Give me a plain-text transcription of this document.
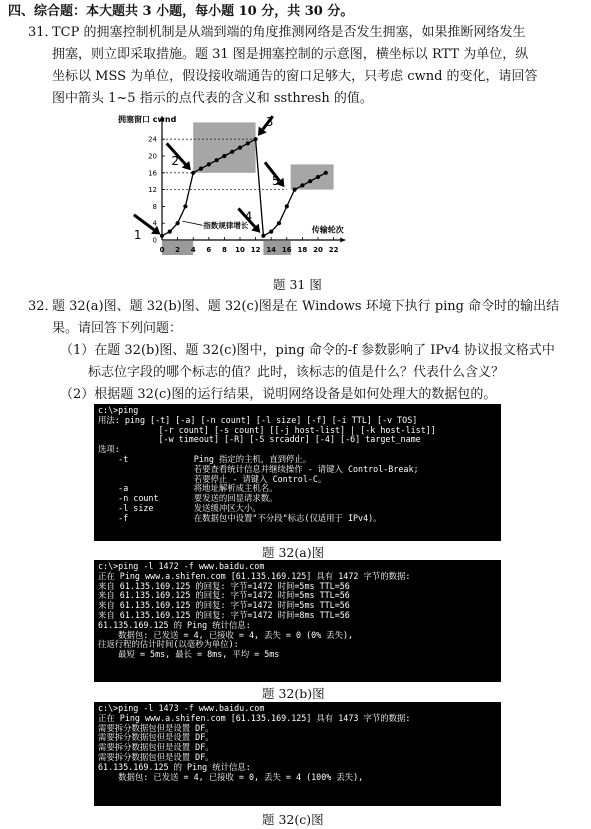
四、综合题：本大题共 3 小题，每小题 10 分，共 30 分。
31．
TCP 的拥塞控制机制是从端到端的角度推测网络是否发生拥塞，如果推断网络发生
拥塞，则立即采取措施。题 31 图是拥塞控制的示意图，横坐标以 RTT 为单位，纵
坐标以 MSS 为单位，假设接收端通告的窗口足够大，只考虑 cwnd 的变化，请回答
图中箭头 1~5 指示的点代表的含义和 ssthresh 的值。
0 2 4 6 8 10 12 14 16 18 20 22
0
4
8
12
16
20
24
拥塞窗口 cwnd
传输轮次
指数规律增长
1
2
3
4
5
题 31 图
32．
题 32(a)图、题 32(b)图、题 32(c)图是在 Windows 环境下执行 ping 命令时的输出结
果。请回答下列问题：
（1）在题 32(b)图、题 32(c)图中，ping 命令的-f 参数影响了 IPv4 协议报文格式中
标志位字段的哪个标志的值？此时，该标志的值是什么？代表什么含义？
（2）根据题 32(c)图的运行结果，说明网络设备是如何处理大的数据包的。
c:\>ping
用法: ping [-t] [-a] [-n count] [-l size] [-f] [-i TTL] [-v TOS]
[-r count] [-s count] [[-j host-list] | [-k host-list]]
[-w timeout] [-R] [-S srcaddr] [-4] [-6] target_name
选项:
-t             Ping 指定的主机，直到停止。
若要查看统计信息并继续操作 - 请键入 Control-Break;
若要停止 - 请键入 Control-C。
-a             将地址解析成主机名。
-n count       要发送的回显请求数。
-l size        发送缓冲区大小。
-f             在数据包中设置"不分段"标志(仅适用于 IPv4)。
题 32(a)图
c:\>ping -l 1472 -f www.baidu.com
正在 Ping www.a.shifen.com [61.135.169.125] 具有 1472 字节的数据:
来自 61.135.169.125 的回复: 字节=1472 时间=5ms TTL=56
来自 61.135.169.125 的回复: 字节=1472 时间=5ms TTL=56
来自 61.135.169.125 的回复: 字节=1472 时间=5ms TTL=56
来自 61.135.169.125 的回复: 字节=1472 时间=8ms TTL=56
61.135.169.125 的 Ping 统计信息:
数据包: 已发送 = 4, 已接收 = 4, 丢失 = 0 (0% 丢失),
往返行程的估计时间(以毫秒为单位):
最短 = 5ms, 最长 = 8ms, 平均 = 5ms
题 32(b)图
c:\>ping -l 1473 -f www.baidu.com
正在 Ping www.a.shifen.com [61.135.169.125] 具有 1473 字节的数据:
需要拆分数据包但是设置 DF。
需要拆分数据包但是设置 DF。
需要拆分数据包但是设置 DF。
需要拆分数据包但是设置 DF。
61.135.169.125 的 Ping 统计信息:
数据包: 已发送 = 4, 已接收 = 0, 丢失 = 4 (100% 丢失),
题 32(c)图
